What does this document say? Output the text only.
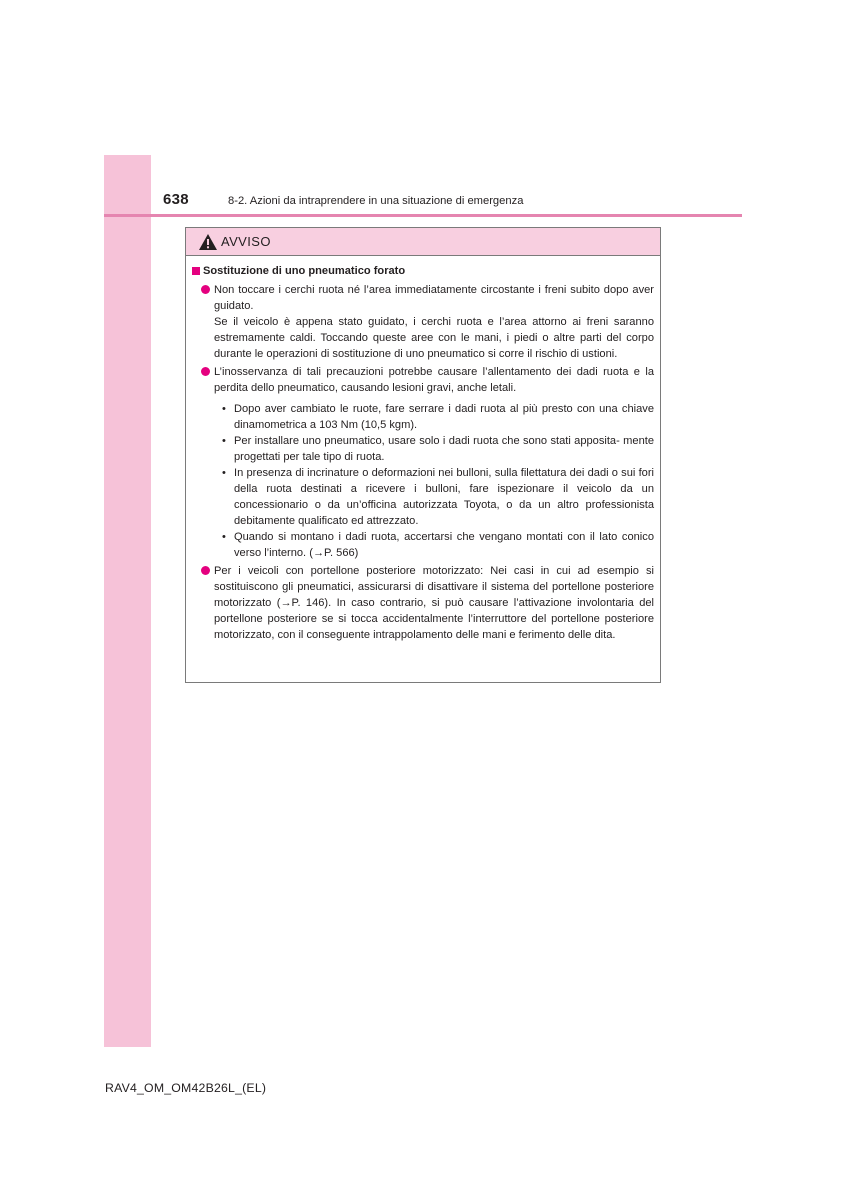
638	8-2. Azioni da intraprendere in una situazione di emergenza
AVVISO
Sostituzione di uno pneumatico forato

Non toccare i cerchi ruota né l’area immediatamente circostante i freni subito dopo aver guidato.

Se il veicolo è appena stato guidato, i cerchi ruota e l’area attorno ai freni saranno estremamente caldi. Toccando queste aree con le mani, i piedi o altre parti del corpo durante le operazioni di sostituzione di uno pneumatico si corre il rischio di ustioni.

L’inosservanza di tali precauzioni potrebbe causare l’allentamento dei dadi ruota e la perdita dello pneumatico, causando lesioni gravi, anche letali.

• Dopo aver cambiato le ruote, fare serrare i dadi ruota al più presto con una chiave dinamometrica a 103 Nm (10,5 kgm).
• Per installare uno pneumatico, usare solo i dadi ruota che sono stati apposita- mente progettati per tale tipo di ruota.
• In presenza di incrinature o deformazioni nei bulloni, sulla filettatura dei dadi o sui fori della ruota destinati a ricevere i bulloni, fare ispezionare il veicolo da un concessionario o da un’officina autorizzata Toyota, o da un altro professionista debitamente qualificato ed attrezzato.
• Quando si montano i dadi ruota, accertarsi che vengano montati con il lato conico verso l’interno. (→P. 566)

Per i veicoli con portellone posteriore motorizzato: Nei casi in cui ad esempio si sostituiscono gli pneumatici, assicurarsi di disattivare il sistema del portellone posteriore motorizzato (→P. 146). In caso contrario, si può causare l’attivazione involontaria del portellone posteriore se si tocca accidentalmente l’interruttore del portellone posteriore motorizzato, con il conseguente intrappolamento delle mani e ferimento delle dita.

RAV4_OM_OM42B26L_(EL)
